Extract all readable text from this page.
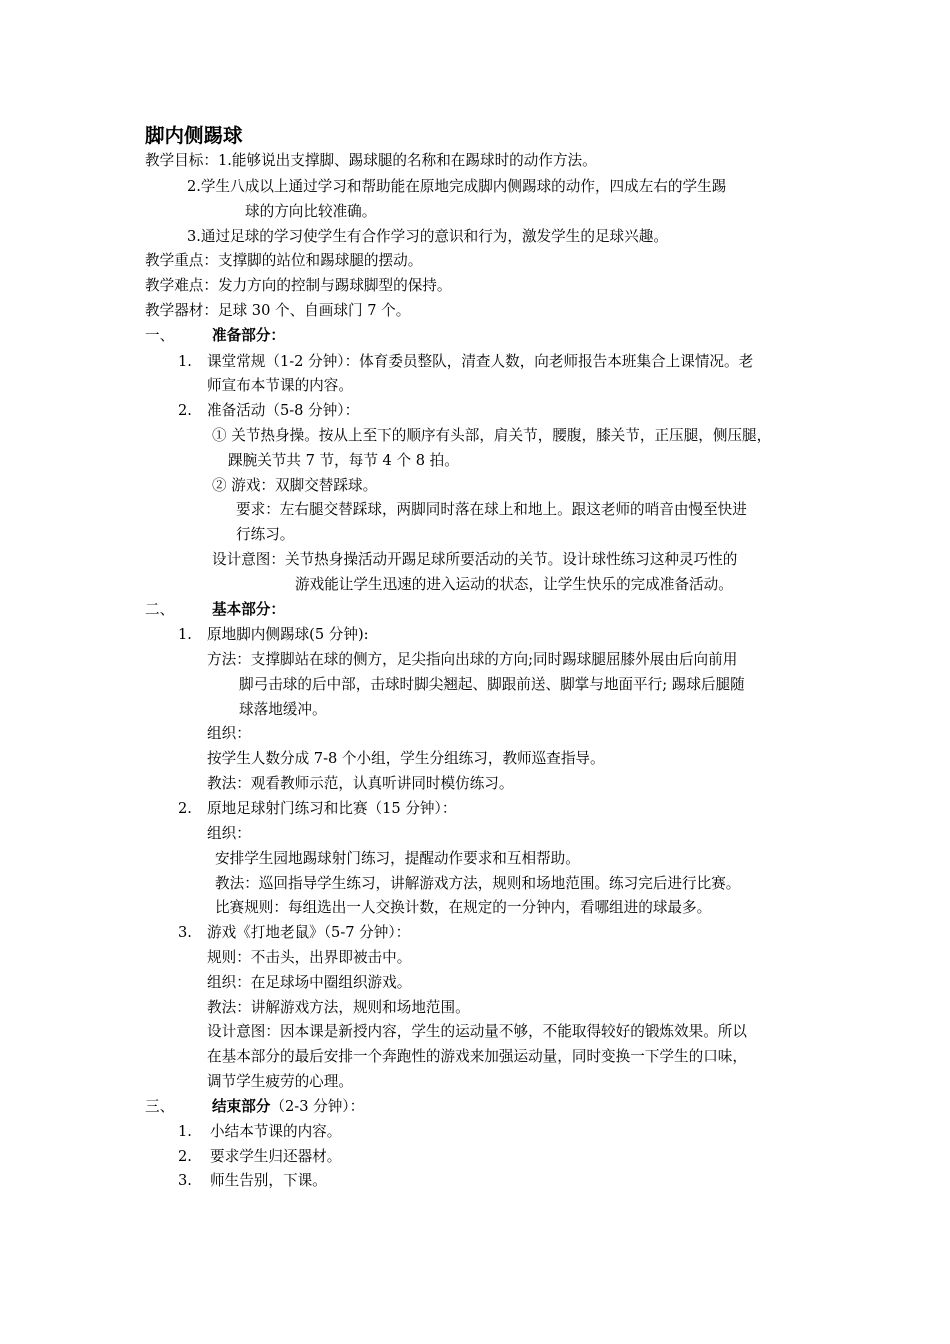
脚内侧踢球
教学目标：1.能够说出支撑脚、踢球腿的名称和在踢球时的动作方法。
2.学生八成以上通过学习和帮助能在原地完成脚内侧踢球的动作，四成左右的学生踢
球的方向比较准确。
3.通过足球的学习使学生有合作学习的意识和行为，激发学生的足球兴趣。
教学重点：支撑脚的站位和踢球腿的摆动。
教学难点：发力方向的控制与踢球脚型的保持。
教学器材：足球 30 个、自画球门 7 个。
一、	准备部分：
1. 课堂常规（1-2 分钟）：体育委员整队，清查人数，向老师报告本班集合上课情况。老
师宣布本节课的内容。
2. 准备活动（5-8 分钟）：
① 关节热身操。按从上至下的顺序有头部，肩关节，腰腹，膝关节，正压腿，侧压腿，
踝腕关节共 7 节，每节 4 个 8 拍。
② 游戏：双脚交替踩球。
要求：左右腿交替踩球，两脚同时落在球上和地上。跟这老师的哨音由慢至快进
行练习。
设计意图：关节热身操活动开踢足球所要活动的关节。设计球性练习这种灵巧性的
游戏能让学生迅速的进入运动的状态，让学生快乐的完成准备活动。
二、	基本部分：
1. 原地脚内侧踢球(5 分钟):
方法：支撑脚站在球的侧方，足尖指向出球的方向;同时踢球腿屈膝外展由后向前用
脚弓击球的后中部，击球时脚尖翘起、脚跟前送、脚掌与地面平行; 踢球后腿随
球落地缓冲。
组织：
按学生人数分成 7-8 个小组，学生分组练习，教师巡查指导。
教法：观看教师示范，认真听讲同时模仿练习。
2. 原地足球射门练习和比赛（15 分钟）：
组织：
安排学生园地踢球射门练习，提醒动作要求和互相帮助。
教法：巡回指导学生练习，讲解游戏方法，规则和场地范围。练习完后进行比赛。
比赛规则：每组选出一人交换计数，在规定的一分钟内，看哪组进的球最多。
3. 游戏《打地老鼠》（5-7 分钟）：
规则：不击头，出界即被击中。
组织：在足球场中圈组织游戏。
教法：讲解游戏方法，规则和场地范围。
设计意图：因本课是新授内容，学生的运动量不够，不能取得较好的锻炼效果。所以
在基本部分的最后安排一个奔跑性的游戏来加强运动量，同时变换一下学生的口味，
调节学生疲劳的心理。
三、	结束部分（2-3 分钟）：
1. 小结本节课的内容。
2. 要求学生归还器材。
3. 师生告别，下课。
